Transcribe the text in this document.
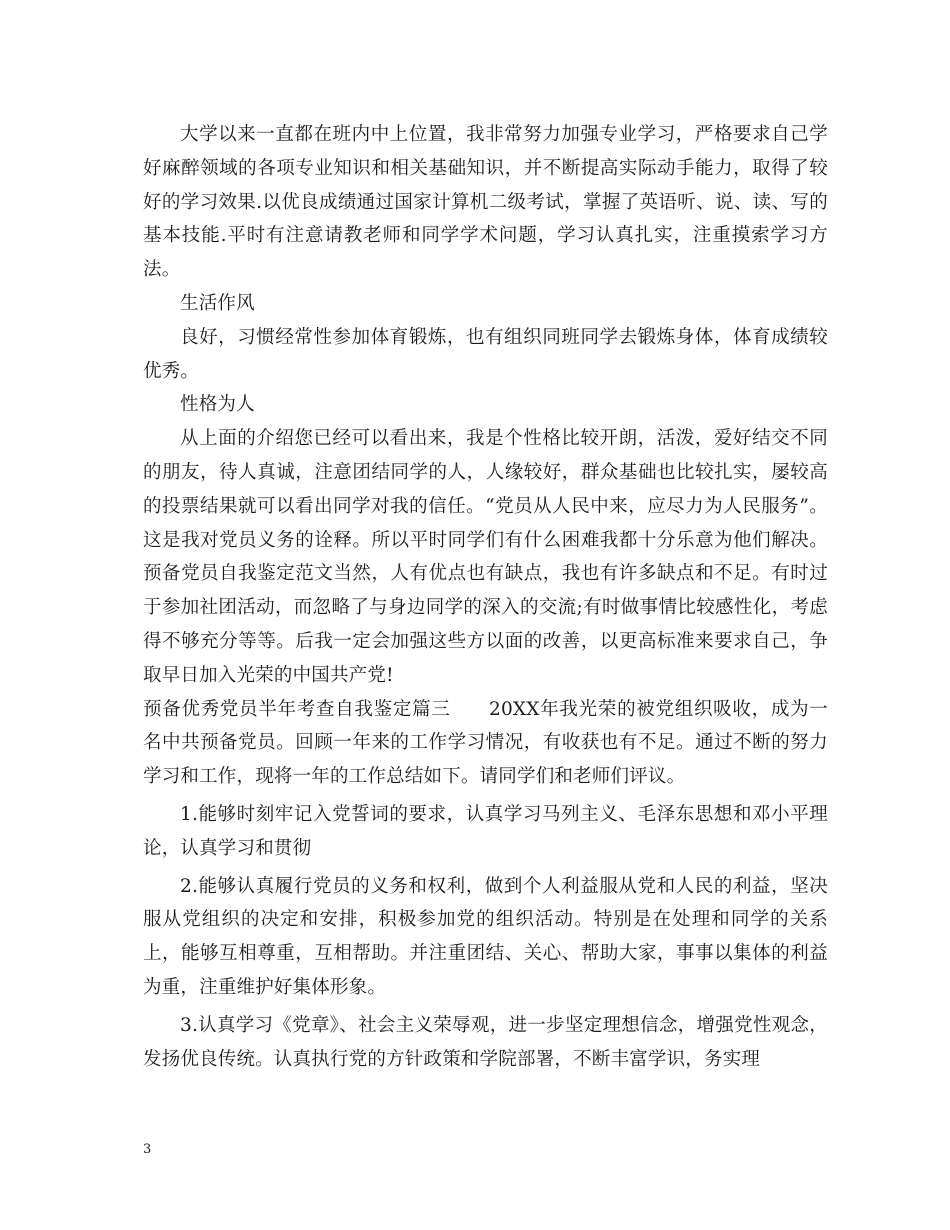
大学以来一直都在班内中上位置，我非常努力加强专业学习，严格要求自己学好麻醉领域的各项专业知识和相关基础知识，并不断提高实际动手能力，取得了较好的学习效果.以优良成绩通过国家计算机二级考试，掌握了英语听、说、读、写的基本技能.平时有注意请教老师和同学学术问题，学习认真扎实，注重摸索学习方法。

生活作风

良好，习惯经常性参加体育锻炼，也有组织同班同学去锻炼身体，体育成绩较优秀。

性格为人

从上面的介绍您已经可以看出来，我是个性格比较开朗，活泼，爱好结交不同的朋友，待人真诚，注意团结同学的人，人缘较好，群众基础也比较扎实，屡较高的投票结果就可以看出同学对我的信任。“党员从人民中来，应尽力为人民服务”。这是我对党员义务的诠释。所以平时同学们有什么困难我都十分乐意为他们解决。预备党员自我鉴定范文当然，人有优点也有缺点，我也有许多缺点和不足。有时过于参加社团活动，而忽略了与身边同学的深入的交流;有时做事情比较感性化，考虑得不够充分等等。后我一定会加强这些方以面的改善，以更高标准来要求自己，争取早日加入光荣的中国共产党!

预备优秀党员半年考查自我鉴定篇三　　20XX年我光荣的被党组织吸收，成为一名中共预备党员。回顾一年来的工作学习情况，有收获也有不足。通过不断的努力学习和工作，现将一年的工作总结如下。请同学们和老师们评议。

1.能够时刻牢记入党誓词的要求，认真学习马列主义、毛泽东思想和邓小平理论，认真学习和贯彻

2.能够认真履行党员的义务和权利，做到个人利益服从党和人民的利益，坚决服从党组织的决定和安排，积极参加党的组织活动。特别是在处理和同学的关系上，能够互相尊重，互相帮助。并注重团结、关心、帮助大家，事事以集体的利益为重，注重维护好集体形象。

3.认真学习《党章》、社会主义荣辱观，进一步坚定理想信念，增强党性观念，发扬优良传统。认真执行党的方针政策和学院部署，不断丰富学识，务实理

3
